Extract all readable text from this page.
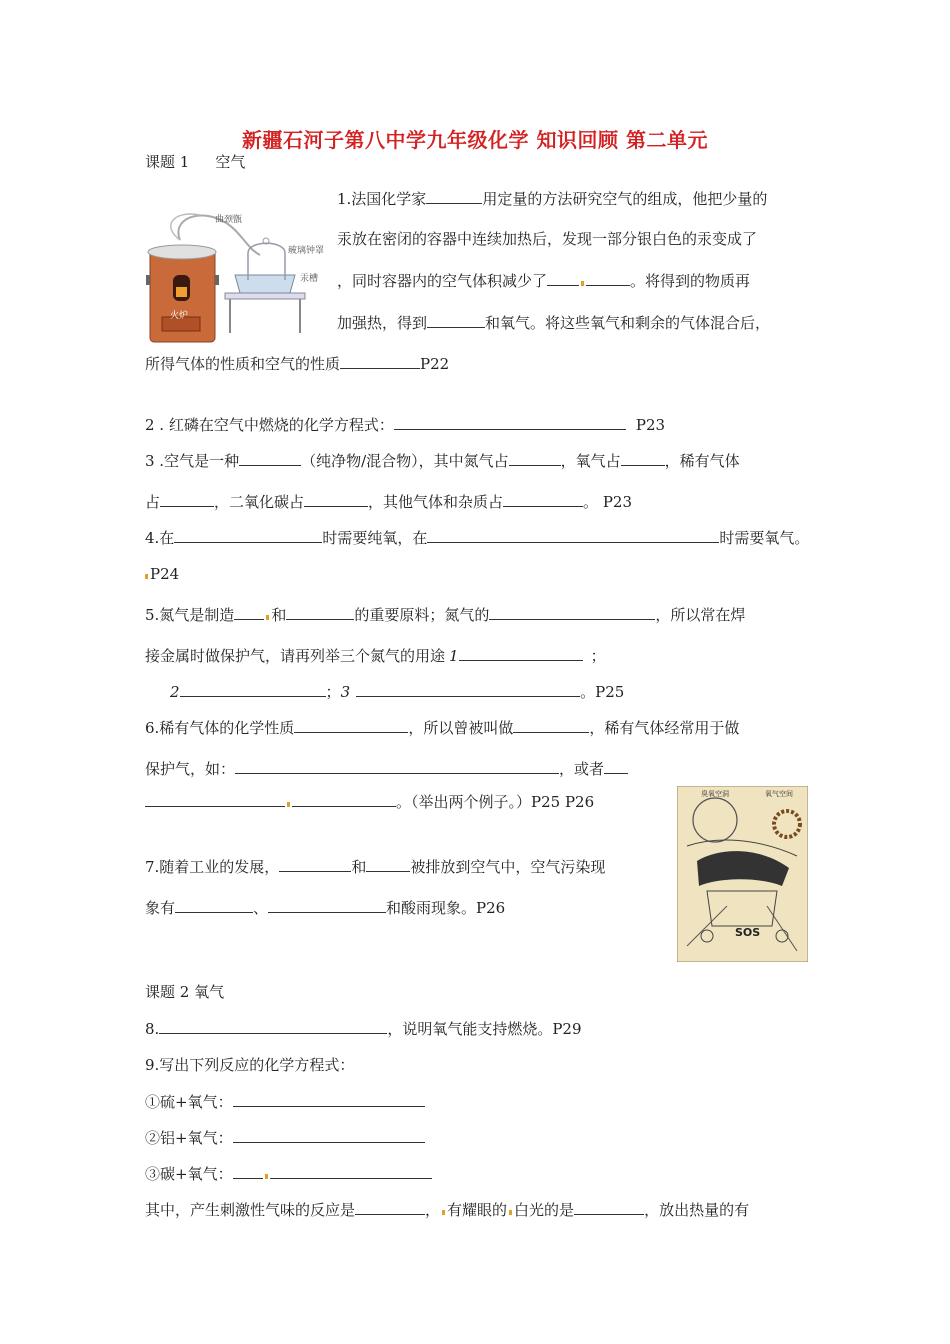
新疆石河子第八中学九年级化学 知识回顾 第二单元
课题 1 空气
曲颈甑
玻璃钟罩
汞槽
火炉
1.法国化学家	用定量的方法研究空气的组成，他把少量的
汞放在密闭的容器中连续加热后，发现一部分银白色的汞变成了
，同时容器内的空气体积减少了	。将得到的物质再
加强热，得到	和氧气。将这些氧气和剩余的气体混合后，
所得气体的性质和空气的性质	P22
2 . 红磷在空气中燃烧的化学方程式：	P23
3 .空气是一种	（纯净物/混合物），其中氮气占	，氧气占	，稀有气体
占	，二氧化碳占	，其他气体和杂质占	。 P23
4.在	时需要纯氧，在	时需要氧气。
P24
5.氮气是制造 和	的重要原料；氮气的	，所以常在焊
接金属时做保护气，请再列举三个氮气的用途 1	；
2	；3	。P25
6.稀有气体的化学性质	，所以曾被叫做	，稀有气体经常用于做
保护气，如：	，或者
。（举出两个例子。）P25 P26	臭氧空洞	氧气空间
SOS
7.随着工业的发展，	和	被排放到空气中，空气污染现
象有	、	和酸雨现象。P26
课题 2 氧气
8.	，说明氧气能支持燃烧。P29
9.写出下列反应的化学方程式：
①硫+氧气：
②铝+氧气：
③碳+氧气：
其中，产生刺激性气味的反应是	， 有耀眼的 白光的是	，放出热量的有
